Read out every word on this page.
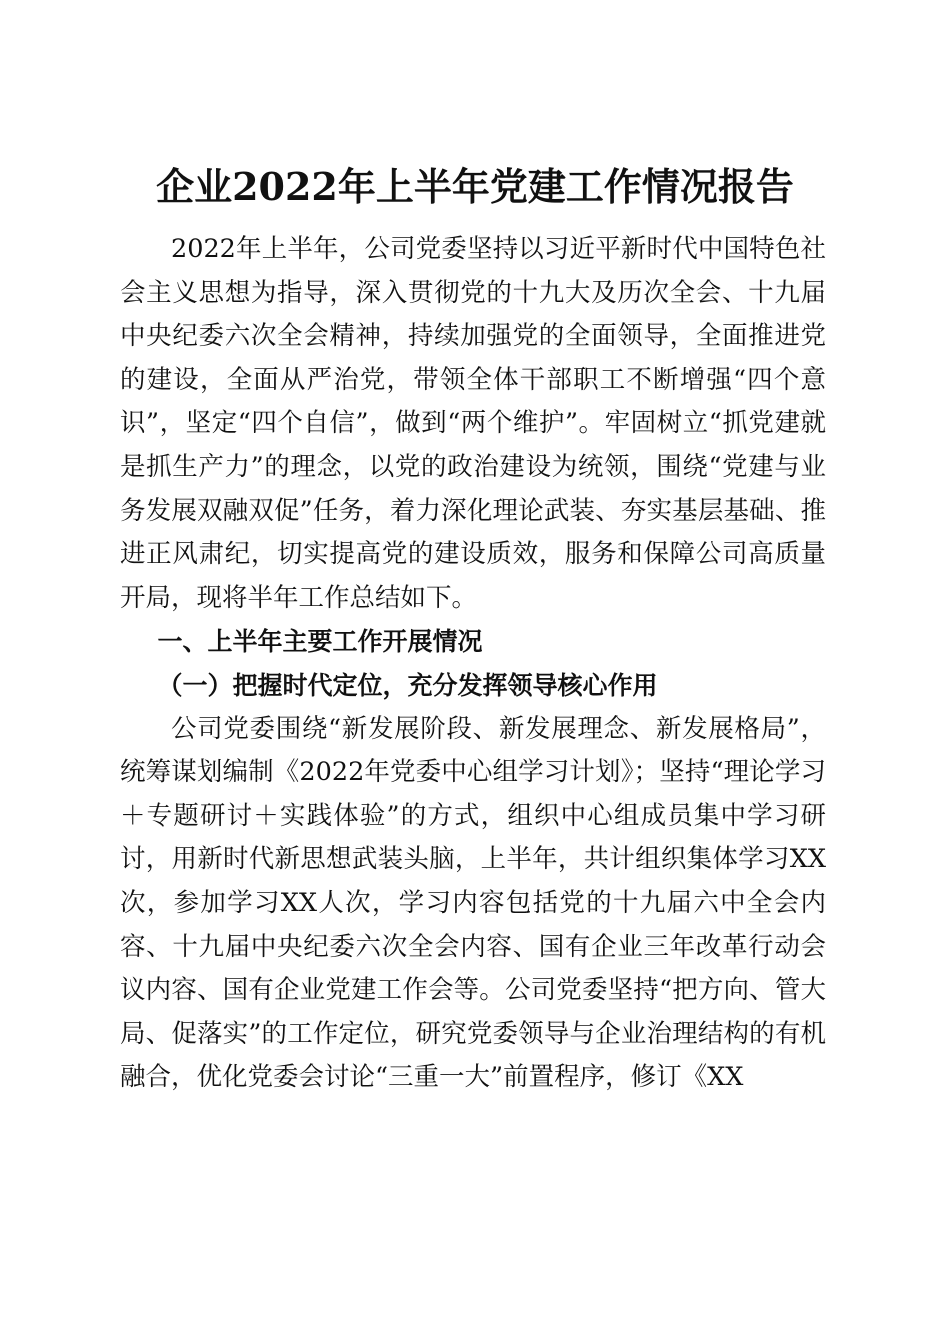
企业2022年上半年党建工作情况报告

2022年上半年，公司党委坚持以习近平新时代中国特色社会主义思想为指导，深入贯彻党的十九大及历次全会、十九届中央纪委六次全会精神，持续加强党的全面领导，全面推进党的建设，全面从严治党，带领全体干部职工不断增强“四个意识”，坚定“四个自信”，做到“两个维护”。牢固树立“抓党建就是抓生产力”的理念，以党的政治建设为统领，围绕“党建与业务发展双融双促”任务，着力深化理论武装、夯实基层基础、推进正风肃纪，切实提高党的建设质效，服务和保障公司高质量开局，现将半年工作总结如下。

一、上半年主要工作开展情况

（一）把握时代定位，充分发挥领导核心作用

公司党委围绕“新发展阶段、新发展理念、新发展格局”，统筹谋划编制《2022年党委中心组学习计划》；坚持“理论学习＋专题研讨＋实践体验”的方式，组织中心组成员集中学习研讨，用新时代新思想武装头脑，上半年，共计组织集体学习XX次，参加学习XX人次，学习内容包括党的十九届六中全会内容、十九届中央纪委六次全会内容、国有企业三年改革行动会议内容、国有企业党建工作会等。公司党委坚持“把方向、管大局、促落实”的工作定位，研究党委领导与企业治理结构的有机融合，优化党委会讨论“三重一大”前置程序，修订《XX
